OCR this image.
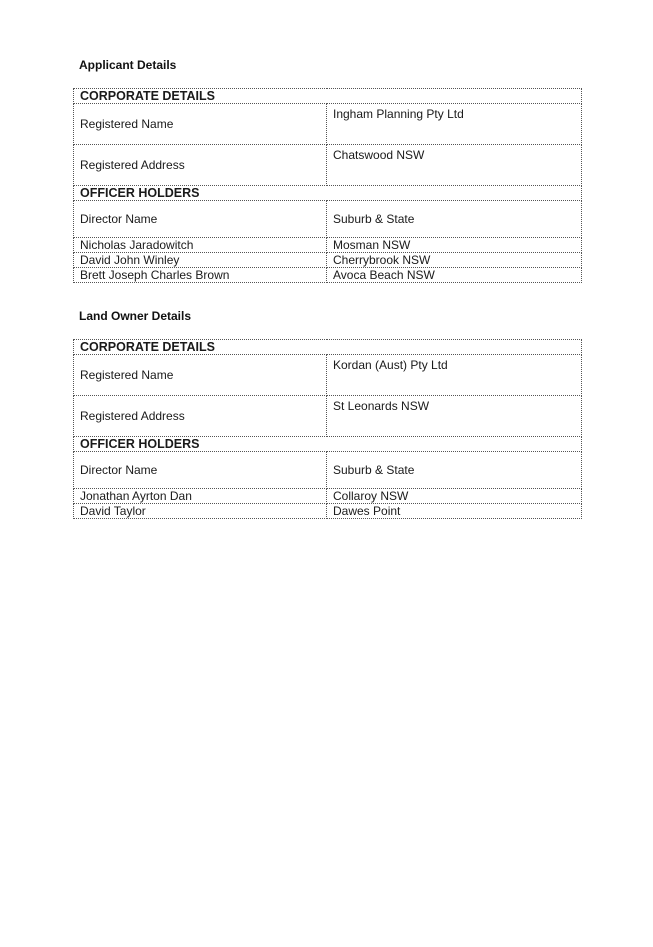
Applicant Details

CORPORATE DETAILS	
Registered Name	Ingham Planning Pty Ltd
Registered Address	Chatswood NSW
OFFICER HOLDERS	
Director Name	Suburb & State
Nicholas Jaradowitch	Mosman NSW
David John Winley	Cherrybrook NSW
Brett Joseph Charles Brown	Avoca Beach NSW

Land Owner Details

CORPORATE DETAILS	
Registered Name	Kordan (Aust) Pty Ltd
Registered Address	St Leonards NSW
OFFICER HOLDERS	
Director Name	Suburb & State
Jonathan Ayrton Dan	Collaroy NSW
David Taylor	Dawes Point
